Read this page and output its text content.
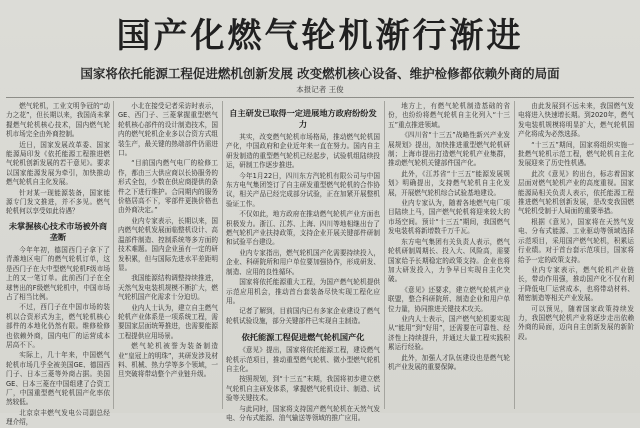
国产化燃气轮机渐行渐进
国家将依托能源工程促进燃机创新发展 改变燃机核心设备、维护检修都依赖外商的局面
本报记者 王俊

燃气轮机，工业文明争冠的“动力之花”，但长期以来，我国尚未掌握燃气轮机核心技术，国内燃气轮机市场完全由外商控制。

近日，国家发展改革委、国家能源局印发《依托能源工程推进燃气轮机创新发展的若干意见》。要求以国家能源发展为牵引，加快推动燃气轮机自主化发展。

针对某一现能源装备，国家能源专门发文推进，并不多见。燃气轮机何以享受如此待遇？

未掌握核心技术市场被外商垄断

今年年初，德国西门子拿下了青潍地区电厂的燃气轮机订单，这是西门子在大中型燃气轮机F级市场上的又一笔订单。此前西门子在全球售出的F级燃气轮机中，中国市场占了相当比例。

不过，西门子在中国市场的装机以合资形式为主，燃气轮机核心部件的本地化仍然有限。维修检修也依赖外商，国内电厂的运营成本居高不下。

实际上，几十年来，中国燃气轮机市场几乎全被美国GE、德国西门子、日本三菱等外商占据。美国GE、日本三菱在中国组建了合资工厂，中国重型燃气轮机国产化率依然较低。

北京京丰燃气发电公司副总经理介绍，

小北在接受记者采访时表示，GE、西门子、三菱掌握重型燃气轮机核心部件的设计制造技术，国内的燃气轮机企业多以合资方式组装生产，最关键的热端部件仍需进口。

“目前国内燃气电厂的检修工作，都由三大供应商以长协服务的形式全包，少数在供应商提供的条件之下进行维护。合同期内的服务价格居高不下，零部件更换价格也由外商决定。”

业内专家表示，长期以来，国内燃气轮机发展面临整机设计、高温部件制造、控制系统等多方面的技术难题。国内企业虽有一定的研发积累，但与国际先进水平差距明显。

我国能源结构调整持续推进，天然气发电装机规模不断扩大，燃气轮机国产化需求十分迫切。

业内人士认为，建立自主燃气轮机产业体系是一项系统工程，需要国家层面统筹推进，也需要能源工程提供应用场景。

燃气轮机被誉为装备制造业“皇冠上的明珠”，其研发涉及材料、机械、热力学等多个领域，一旦突破将带动整个产业链升级。

自主研发已取得一定进展地方政府纷纷发力

其实，改变燃气轮机市场格局，推动燃气轮机国产化，中国政府和企业近年来一直在努力。国内自主研发制造的重型燃气轮机已经起步，试验机组陆续投运，研制工作逐步推进。

今年1月22日，四川东方汽轮机有限公司与中国东方电气集团签订了自主研发重型燃气轮机的合作协议，相关产品已经完成部分试验，正在加紧开展整机验证工作。

不仅如此，地方政府在推动燃气轮机产业方面也积极发力。浙江、江苏、上海、四川等地相继出台了燃气轮机产业扶持政策，支持企业开展关键部件研制和试验平台建设。

业内专家指出，燃气轮机国产化需要持续投入，企业、科研院所和用户单位要加强协作，形成研发、制造、应用的良性循环。

国家将依托能源重大工程，为国产燃气轮机提供示范应用机会，推动首台套装备尽快实现工程化应用。

记者了解到，目前国内已有多家企业建设了燃气轮机试验设施，部分关键部件已实现自主制造。

依托能源工程促进燃气轮机国产化

《意见》提出，国家将依托能源工程，建设燃气轮机示范项目，推动重型燃气轮机、微小型燃气轮机自主化。

按照规划，到“十三五”末期，我国将初步建立燃气轮机自主研发体系，掌握燃气轮机设计、制造、试验等关键技术。

与此同时，国家将支持国产燃气轮机在天然气发电、分布式能源、油气输送等领域的推广应用。

地方上，有燃气轮机制造基础的省份，也纷纷将燃气轮机自主化列入“十三五”重点推进领域。

《四川省“十三五”战略性新兴产业发展规划》提出，加快推进重型燃气轮机研制；上海市提出打造燃气轮机产业集群，推动燃气轮机关键部件国产化。

此外，《江苏省“十三五”能源发展规划》明确提出，支持燃气轮机自主化发展，开展燃气轮机综合试验基地建设。

业内专家认为，随着各地燃气电厂项目陆续上马，国产燃气轮机将迎来较大的市场空间。预计“十三五”期间，我国燃气发电装机将新增数千万千瓦。

东方电气集团有关负责人表示，燃气轮机研制周期长、投入大、风险高，需要国家给予长期稳定的政策支持。企业也将加大研发投入，力争早日实现自主化突破。

《意见》还要求，建立燃气轮机产业联盟，整合科研院所、制造企业和用户单位力量，协同推进关键技术攻关。

业内人士表示，国产燃气轮机要实现从“能用”到“好用”，还需要在可靠性、经济性上持续提升，并通过大量工程实践积累运行经验。

此外，加强人才队伍建设也是燃气轮机产业发展的重要保障。

由此发展到不远未来，我国燃气发电将进入快速增长期。到2020年，燃气发电装机规模将明显扩大，燃气轮机国产化将成为必然选择。

“十三五”期间，国家将组织实施一批燃气轮机示范工程，燃气轮机自主化发展迎来了历史性机遇。

此次《意见》的出台，标志着国家层面对燃气轮机产业的高度重视。国家能源局相关负责人表示，依托能源工程推进燃气轮机创新发展，是改变我国燃气轮机受制于人局面的重要举措。

根据《意见》，国家将在天然气发电、分布式能源、工业驱动等领域选择示范项目，采用国产燃气轮机，积累运行业绩。对于首台套示范项目，国家将给予一定的政策支持。

业内专家表示，燃气轮机产业链长，带动作用强，推动国产化不仅有利于降低电厂运营成本，也将带动材料、精密制造等相关产业发展。

可以预见，随着国家政策持续发力，我国燃气轮机产业将逐步走出依赖外商的局面，迈向自主创新发展的新阶段。
